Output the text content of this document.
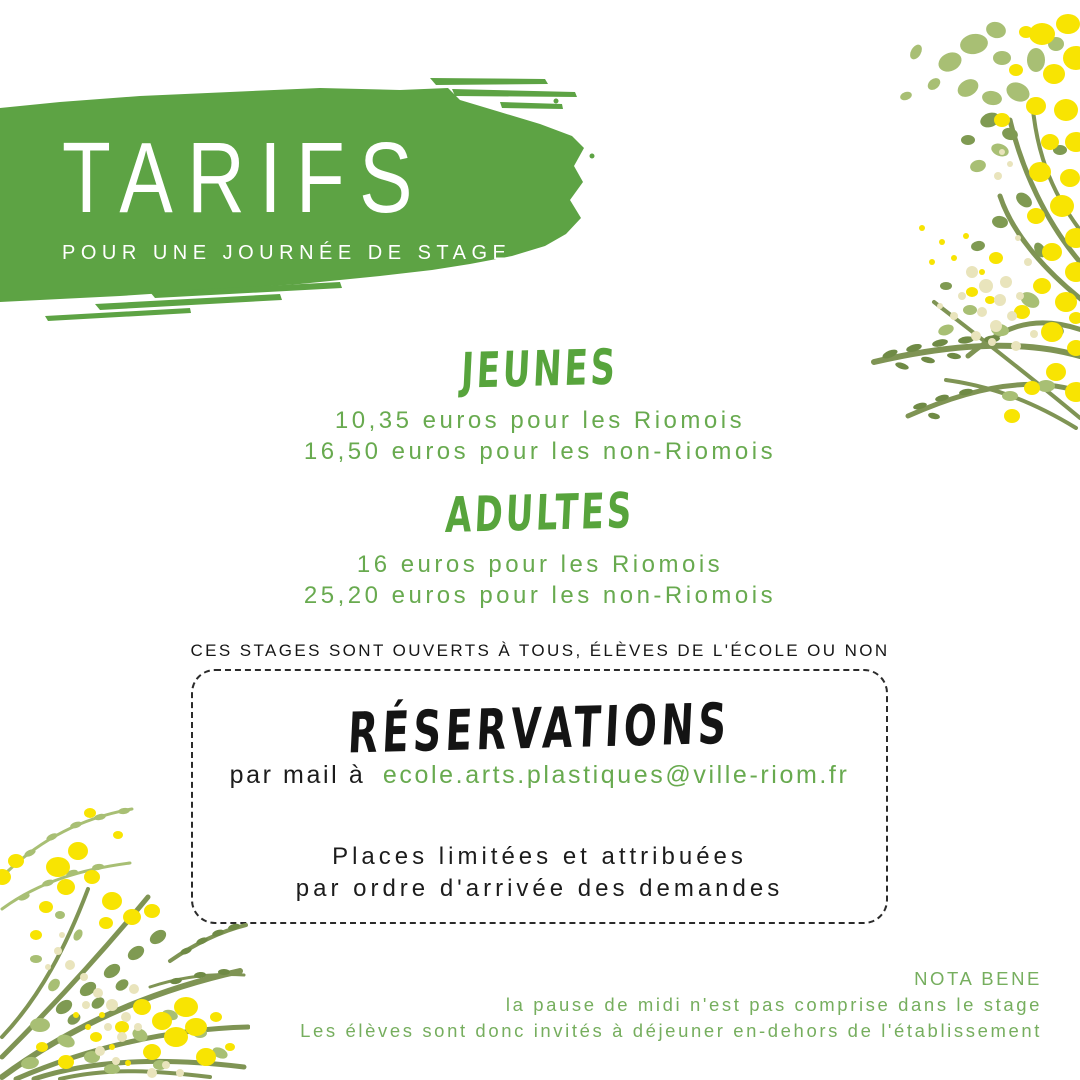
TARIFS
POUR UNE JOURNÉE DE STAGE
JEUNES

10,35 euros pour les Riomois

16,50 euros pour les non-Riomois

ADULTES

16 euros pour les Riomois

25,20 euros pour les non-Riomois

CES STAGES SONT OUVERTS À TOUS, ÉLÈVES DE L'ÉCOLE OU NON

RÉSERVATIONS

par mail à ecole.arts.plastiques@ville-riom.fr

Places limitées et attribuées

par ordre d'arrivée des demandes

NOTA BENE

la pause de midi n'est pas comprise dans le stage

Les élèves sont donc invités à déjeuner en-dehors de l'établissement
